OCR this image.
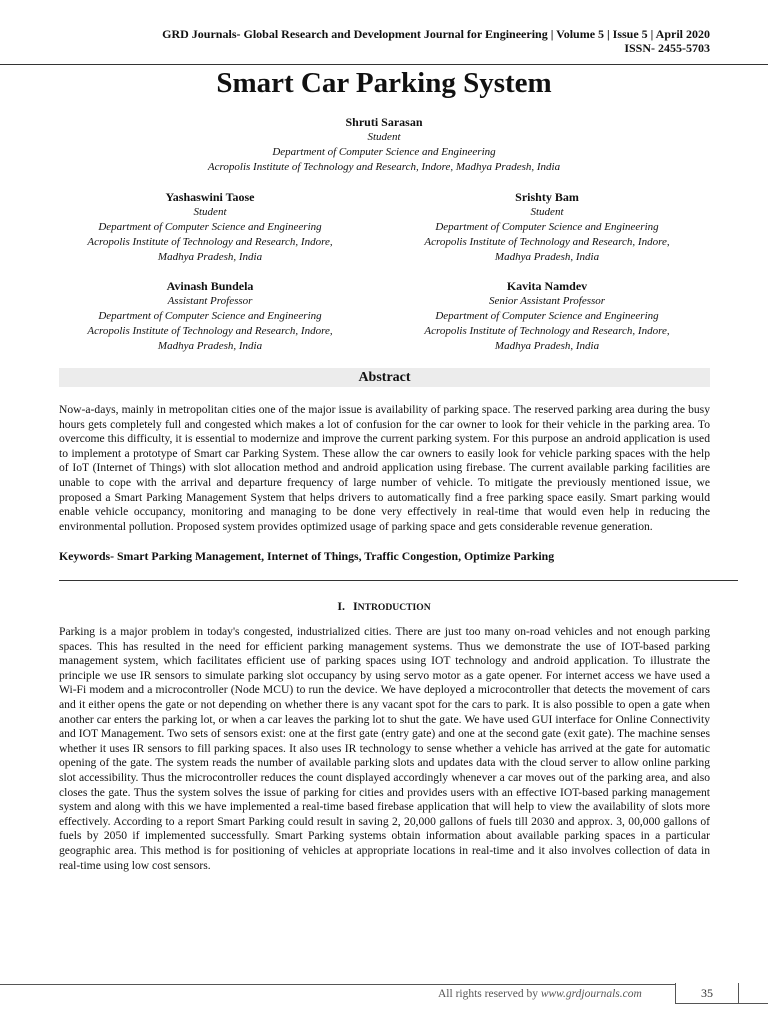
GRD Journals- Global Research and Development Journal for Engineering | Volume 5 | Issue 5 | April 2020
ISSN- 2455-5703
Smart Car Parking System
Shruti Sarasan
Student
Department of Computer Science and Engineering
Acropolis Institute of Technology and Research, Indore, Madhya Pradesh, India
Yashaswini Taose
Student
Department of Computer Science and Engineering
Acropolis Institute of Technology and Research, Indore,
Madhya Pradesh, India
Srishty Bam
Student
Department of Computer Science and Engineering
Acropolis Institute of Technology and Research, Indore,
Madhya Pradesh, India
Avinash Bundela
Assistant Professor
Department of Computer Science and Engineering
Acropolis Institute of Technology and Research, Indore,
Madhya Pradesh, India
Kavita Namdev
Senior Assistant Professor
Department of Computer Science and Engineering
Acropolis Institute of Technology and Research, Indore,
Madhya Pradesh, India
Abstract
Now-a-days, mainly in metropolitan cities one of the major issue is availability of parking space. The reserved parking area during the busy hours gets completely full and congested which makes a lot of confusion for the car owner to look for their vehicle in the parking area. To overcome this difficulty, it is essential to modernize and improve the current parking system. For this purpose an android application is used to implement a prototype of Smart car Parking System. These allow the car owners to easily look for vehicle parking spaces with the help of IoT (Internet of Things) with slot allocation method and android application using firebase. The current available parking facilities are unable to cope with the arrival and departure frequency of large number of vehicle. To mitigate the previously mentioned issue, we proposed a Smart Parking Management System that helps drivers to automatically find a free parking space easily. Smart parking would enable vehicle occupancy, monitoring and managing to be done very effectively in real-time that would even help in reducing the environmental pollution. Proposed system provides optimized usage of parking space and gets considerable revenue generation.
Keywords- Smart Parking Management, Internet of Things, Traffic Congestion, Optimize Parking
I. INTRODUCTION
Parking is a major problem in today's congested, industrialized cities. There are just too many on-road vehicles and not enough parking spaces. This has resulted in the need for efficient parking management systems. Thus we demonstrate the use of IOT-based parking management system, which facilitates efficient use of parking spaces using IOT technology and android application. To illustrate the principle we use IR sensors to simulate parking slot occupancy by using servo motor as a gate opener. For internet access we have used a Wi-Fi modem and a microcontroller (Node MCU) to run the device. We have deployed a microcontroller that detects the movement of cars and it either opens the gate or not depending on whether there is any vacant spot for the cars to park. It is also possible to open a gate when another car enters the parking lot, or when a car leaves the parking lot to shut the gate. We have used GUI interface for Online Connectivity and IOT Management. Two sets of sensors exist: one at the first gate (entry gate) and one at the second gate (exit gate). The machine senses whether it uses IR sensors to fill parking spaces. It also uses IR technology to sense whether a vehicle has arrived at the gate for automatic opening of the gate. The system reads the number of available parking slots and updates data with the cloud server to allow online parking slot accessibility. Thus the microcontroller reduces the count displayed accordingly whenever a car moves out of the parking area, and also closes the gate. Thus the system solves the issue of parking for cities and provides users with an effective IOT-based parking management system and along with this we have implemented a real-time based firebase application that will help to view the availability of slots more effectively. According to a report Smart Parking could result in saving 2, 20,000 gallons of fuels till 2030 and approx. 3, 00,000 gallons of fuels by 2050 if implemented successfully. Smart Parking systems obtain information about available parking spaces in a particular geographic area. This method is for positioning of vehicles at appropriate locations in real-time and it also involves collection of data in real-time using low cost sensors.
All rights reserved by www.grdjournals.com	35
